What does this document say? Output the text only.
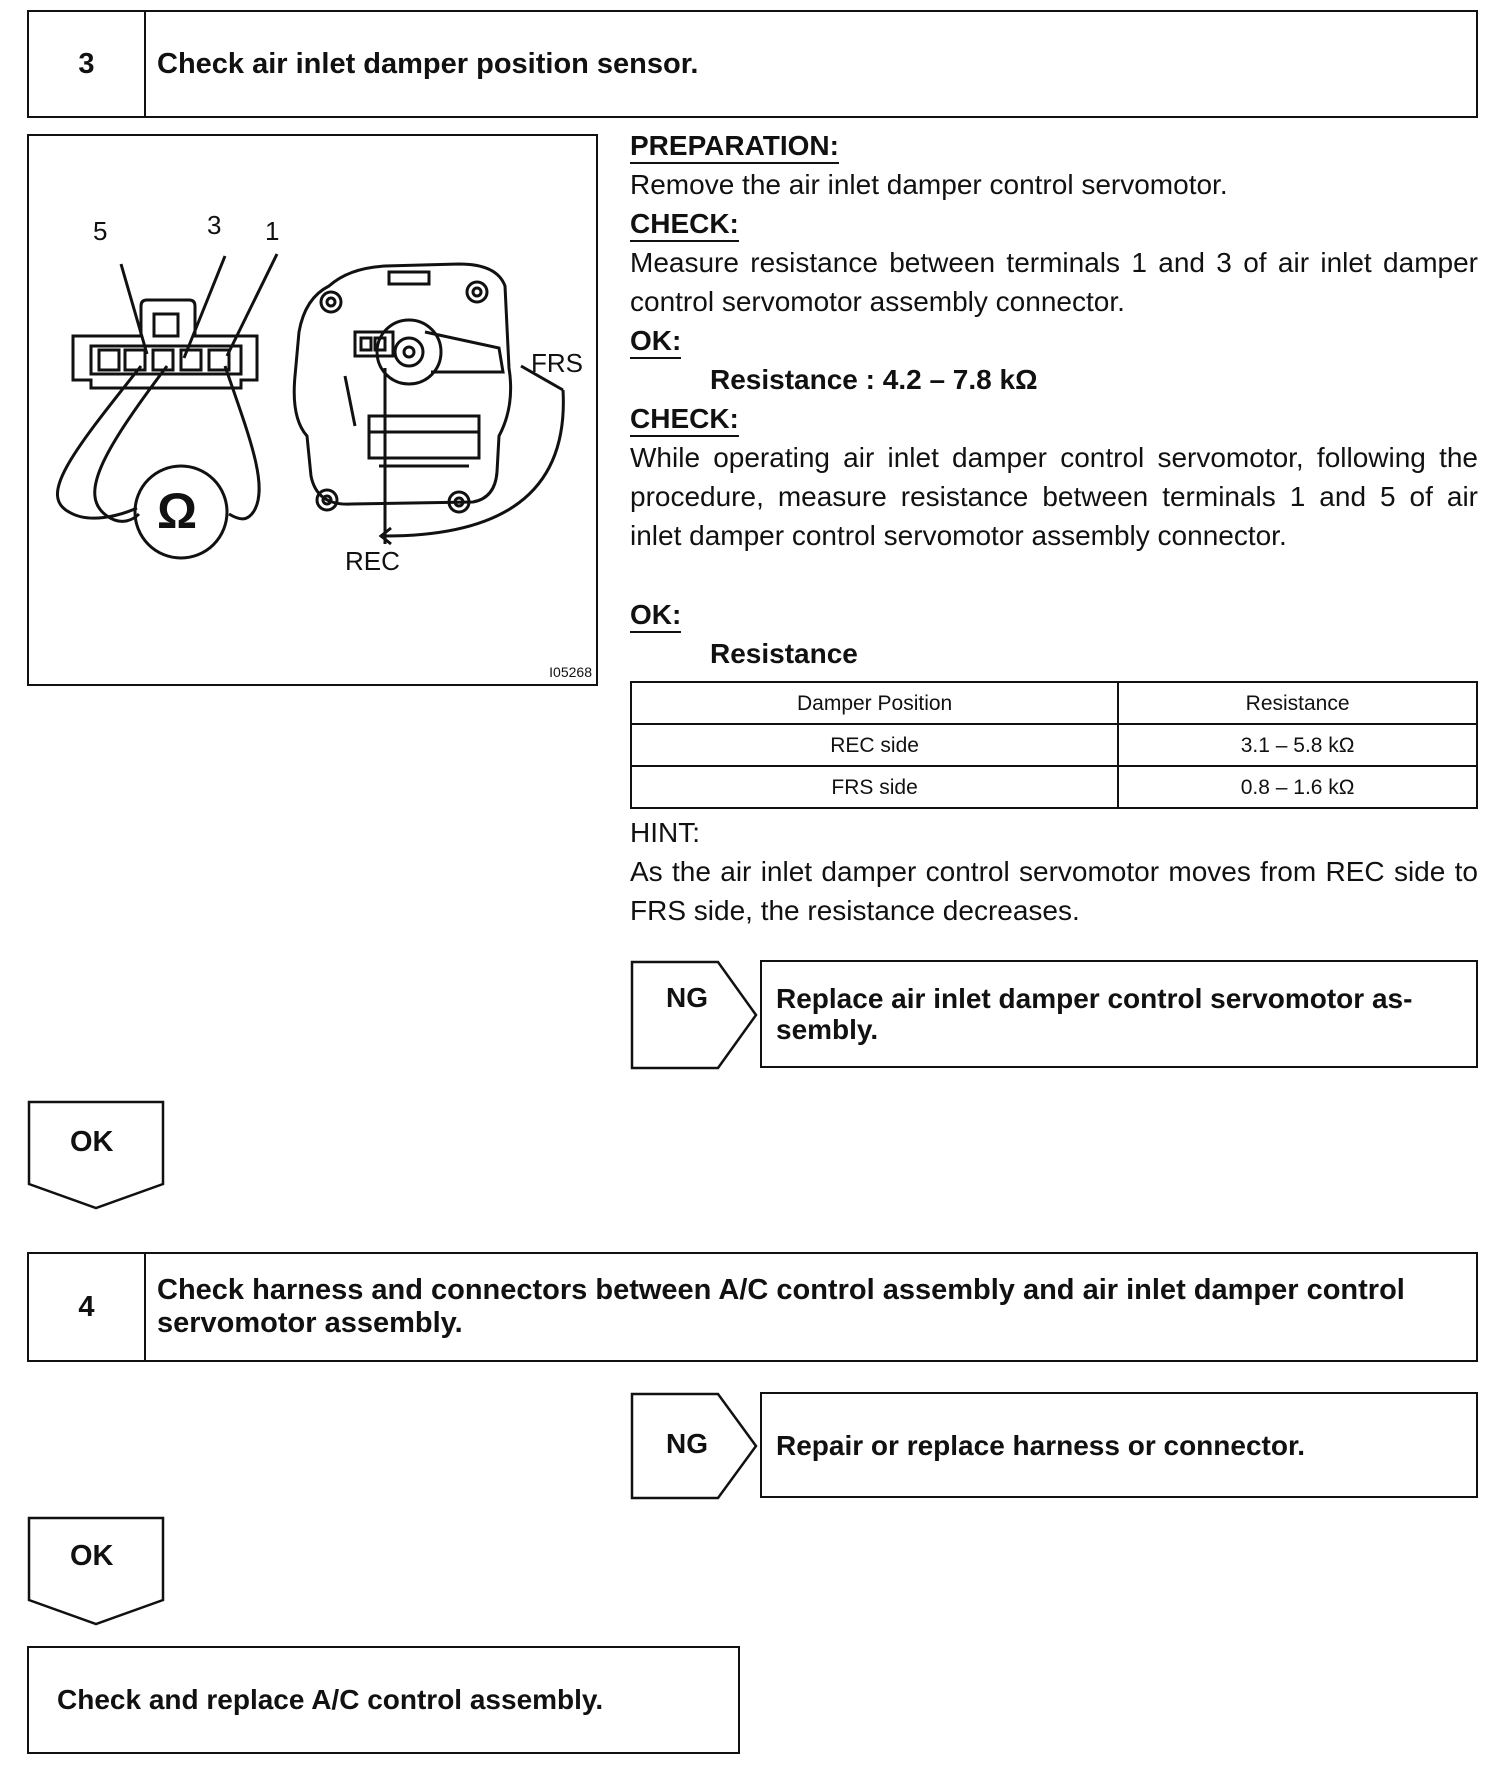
3	Check air inlet damper position sensor.
5	3 1
FRS
REC
Ω
I05268
PREPARATION:
Remove the air inlet damper control servomotor.
CHECK:
Measure resistance between terminals 1 and 3 of air inlet damper control servomotor assembly connector.
OK:
Resistance : 4.2 – 7.8 kΩ
CHECK:
While operating air inlet damper control servomotor, following the procedure, measure resistance between terminals 1 and 5 of air inlet damper control servomotor assembly connector.
OK:
Resistance
Damper Position	Resistance
REC side	3.1 – 5.8 kΩ
FRS side	0.8 – 1.6 kΩ
HINT:
As the air inlet damper control servomotor moves from REC side to FRS side, the resistance decreases.
NG	Replace air inlet damper control servomotor as- sembly.
OK
4
Check harness and connectors between A/C control assembly and air inlet damper control servomotor assembly.
NG	Repair or replace harness or connector.
OK
Check and replace A/C control assembly.
